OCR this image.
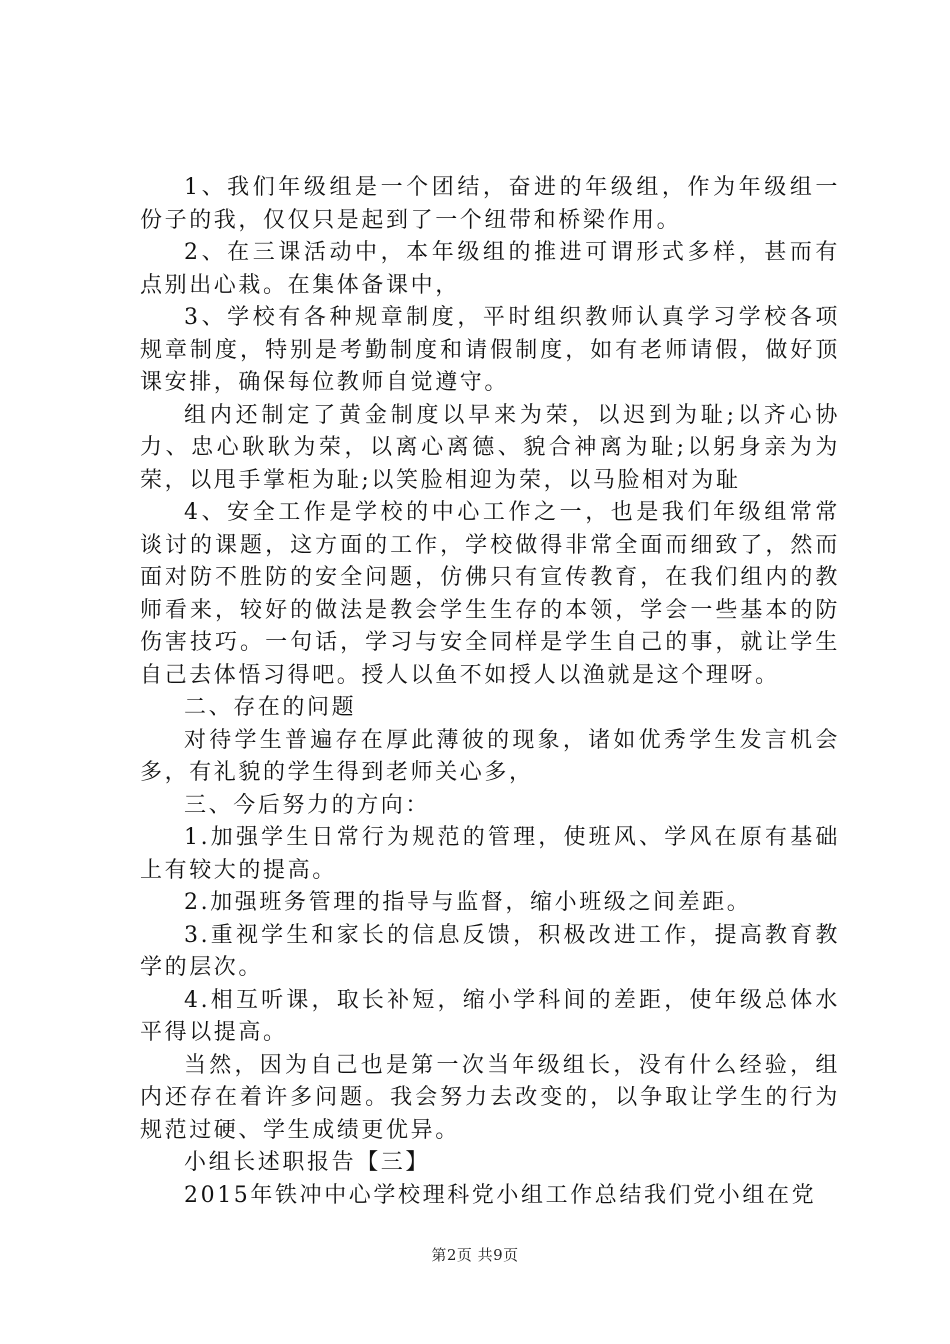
1、我们年级组是一个团结，奋进的年级组，作为年级组一份子的我，仅仅只是起到了一个纽带和桥梁作用。

2、在三课活动中，本年级组的推进可谓形式多样，甚而有点别出心栽。在集体备课中，

3、学校有各种规章制度，平时组织教师认真学习学校各项规章制度，特别是考勤制度和请假制度，如有老师请假，做好顶课安排，确保每位教师自觉遵守。

组内还制定了黄金制度以早来为荣，以迟到为耻;以齐心协力、忠心耿耿为荣，以离心离德、貌合神离为耻;以躬身亲为为荣，以甩手掌柜为耻;以笑脸相迎为荣，以马脸相对为耻

4、安全工作是学校的中心工作之一，也是我们年级组常常谈讨的课题，这方面的工作，学校做得非常全面而细致了，然而面对防不胜防的安全问题，仿佛只有宣传教育，在我们组内的教师看来，较好的做法是教会学生生存的本领，学会一些基本的防伤害技巧。一句话，学习与安全同样是学生自己的事，就让学生自己去体悟习得吧。授人以鱼不如授人以渔就是这个理呀。

二、存在的问题

对待学生普遍存在厚此薄彼的现象，诸如优秀学生发言机会多，有礼貌的学生得到老师关心多，

三、今后努力的方向：

1.加强学生日常行为规范的管理，使班风、学风在原有基础上有较大的提高。

2.加强班务管理的指导与监督，缩小班级之间差距。

3.重视学生和家长的信息反馈，积极改进工作，提高教育教学的层次。

4.相互听课，取长补短，缩小学科间的差距，使年级总体水平得以提高。

当然，因为自己也是第一次当年级组长，没有什么经验，组内还存在着许多问题。我会努力去改变的，以争取让学生的行为规范过硬、学生成绩更优异。

小组长述职报告【三】

2015年铁冲中心学校理科党小组工作总结我们党小组在党

第2页 共9页
